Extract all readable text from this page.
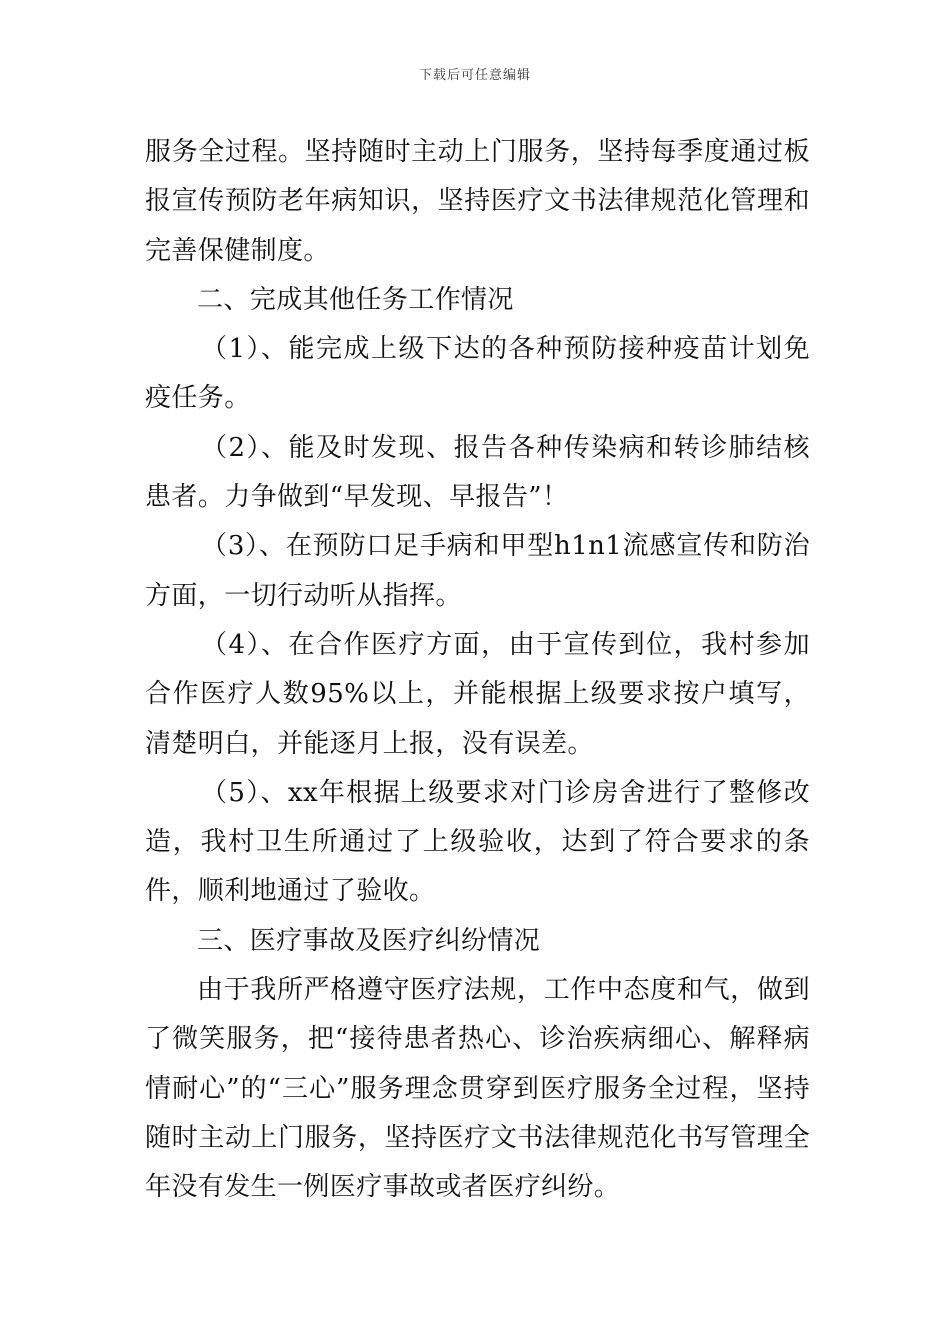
下载后可任意编辑

服务全过程。坚持随时主动上门服务，坚持每季度通过板报宣传预防老年病知识，坚持医疗文书法律规范化管理和完善保健制度。

二、完成其他任务工作情况

（1）、能完成上级下达的各种预防接种疫苗计划免疫任务。

（2）、能及时发现、报告各种传染病和转诊肺结核患者。力争做到“早发现、早报告”！

（3）、在预防口足手病和甲型h1n1流感宣传和防治方面，一切行动听从指挥。

（4）、在合作医疗方面，由于宣传到位，我村参加合作医疗人数95%以上，并能根据上级要求按户填写，清楚明白，并能逐月上报，没有误差。

（5）、xx年根据上级要求对门诊房舍进行了整修改造，我村卫生所通过了上级验收，达到了符合要求的条件，顺利地通过了验收。

三、医疗事故及医疗纠纷情况

由于我所严格遵守医疗法规，工作中态度和气，做到了微笑服务，把“接待患者热心、诊治疾病细心、解释病情耐心”的“三心”服务理念贯穿到医疗服务全过程，坚持随时主动上门服务，坚持医疗文书法律规范化书写管理全年没有发生一例医疗事故或者医疗纠纷。
